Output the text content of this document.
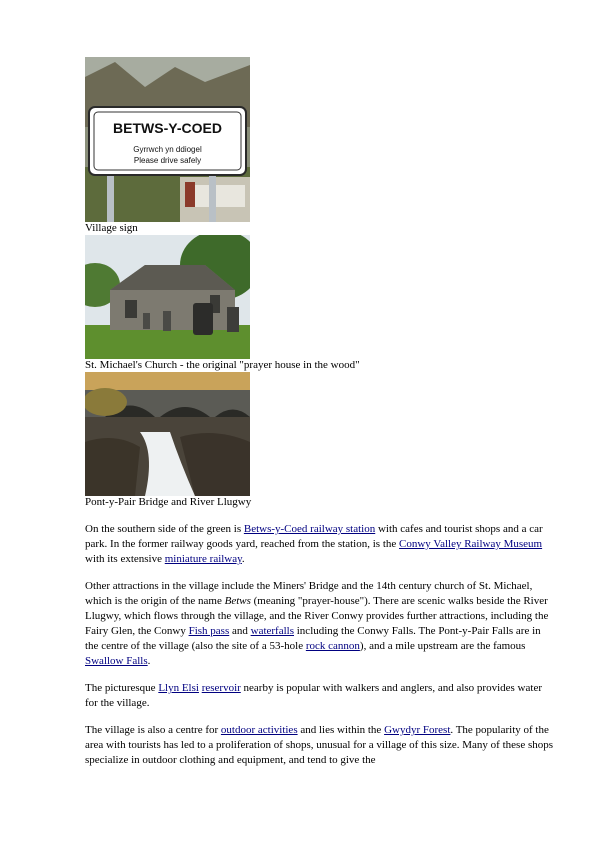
BETWS-Y-COED
Gyrrwch yn ddiogel
Please drive safely

Village sign

St. Michael's Church - the original "prayer house in the wood"

Pont-y-Pair Bridge and River Llugwy

On the southern side of the green is Betws-y-Coed railway station with cafes and tourist shops and a car park. In the former railway goods yard, reached from the station, is the Conwy Valley Railway Museum with its extensive miniature railway.

Other attractions in the village include the Miners' Bridge and the 14th century church of St. Michael, which is the origin of the name Betws (meaning "prayer-house"). There are scenic walks beside the River Llugwy, which flows through the village, and the River Conwy provides further attractions, including the Fairy Glen, the Conwy Fish pass and waterfalls including the Conwy Falls. The Pont-y-Pair Falls are in the centre of the village (also the site of a 53-hole rock cannon), and a mile upstream are the famous Swallow Falls.

The picturesque Llyn Elsi reservoir nearby is popular with walkers and anglers, and also provides water for the village.

The village is also a centre for outdoor activities and lies within the Gwydyr Forest. The popularity of the area with tourists has led to a proliferation of shops, unusual for a village of this size. Many of these shops specialize in outdoor clothing and equipment, and tend to give the
